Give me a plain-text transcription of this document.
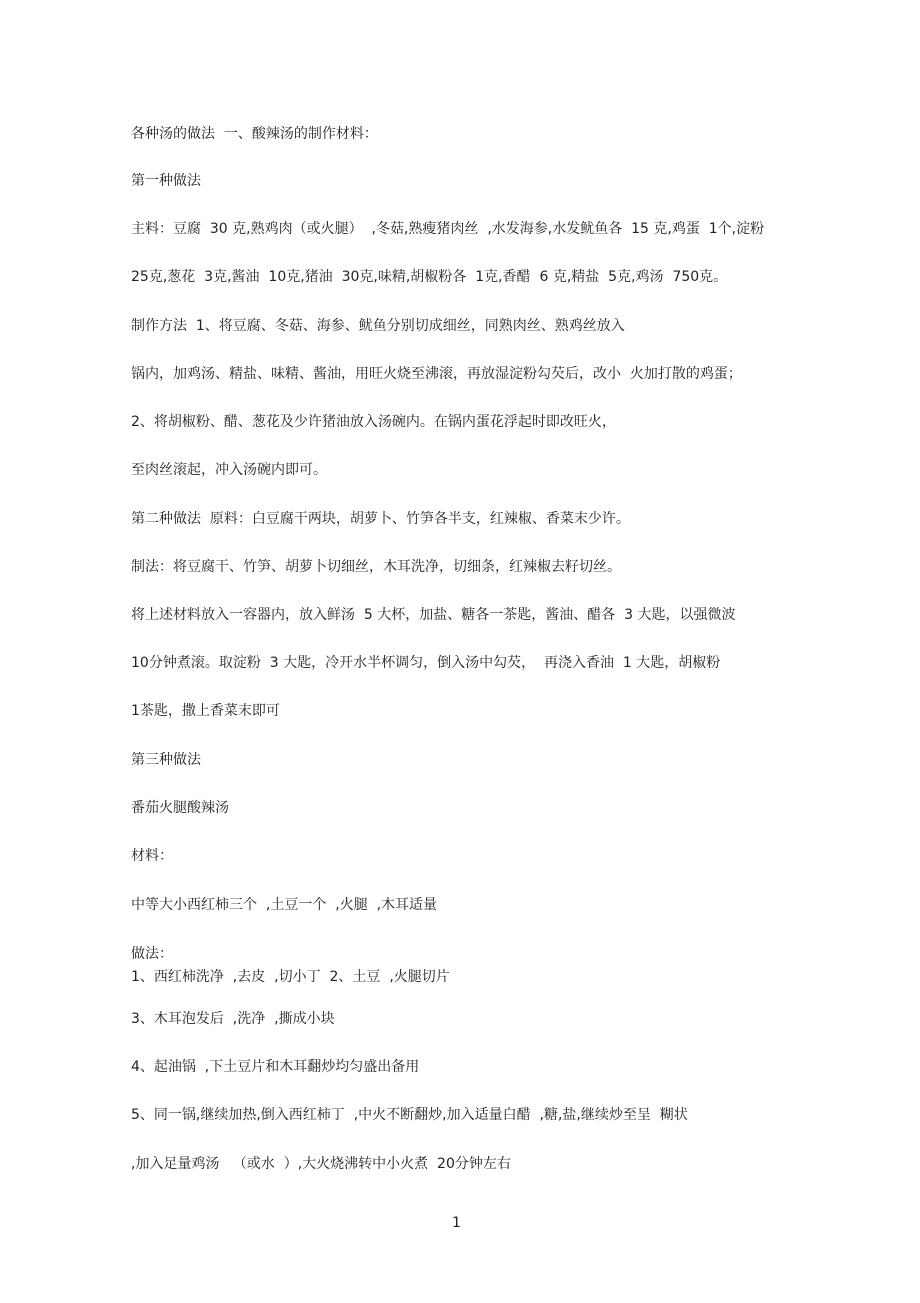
各种汤的做法  一、酸辣汤的制作材料：
第一种做法
主料：豆腐  30 克,熟鸡肉（或火腿）  ,冬菇,熟瘦猪肉丝  ,水发海参,水发鱿鱼各  15 克,鸡蛋  1个,淀粉
25克,葱花  3克,酱油  10克,猪油  30克,味精,胡椒粉各  1克,香醋  6 克,精盐  5克,鸡汤  750克。
制作方法  1、将豆腐、冬菇、海参、鱿鱼分别切成细丝，同熟肉丝、熟鸡丝放入
锅内，加鸡汤、精盐、味精、酱油，用旺火烧至沸滚，再放湿淀粉勾芡后，改小  火加打散的鸡蛋；
2、将胡椒粉、醋、葱花及少许猪油放入汤碗内。在锅内蛋花浮起时即改旺火，
至肉丝滚起，冲入汤碗内即可。
第二种做法  原料：白豆腐干两块，胡萝卜、竹笋各半支，红辣椒、香菜末少许。
制法：将豆腐干、竹笋、胡萝卜切细丝，木耳洗净，切细条，红辣椒去籽切丝。
将上述材料放入一容器内，放入鲜汤  5 大杯，加盐、糖各一茶匙，酱油、醋各  3 大匙，以强微波
10分钟煮滚。取淀粉  3 大匙，冷开水半杯调匀，倒入汤中勾芡，  再浇入香油  1 大匙，胡椒粉
1茶匙，撒上香菜末即可
第三种做法
番茄火腿酸辣汤
材料：
中等大小西红柿三个  ,土豆一个  ,火腿  ,木耳适量
做法：
1、西红柿洗净  ,去皮  ,切小丁  2、土豆  ,火腿切片
3、木耳泡发后  ,洗净  ,撕成小块
4、起油锅  ,下土豆片和木耳翻炒均匀盛出备用
5、同一锅,继续加热,倒入西红柿丁  ,中火不断翻炒,加入适量白醋  ,糖,盐,继续炒至呈  糊状
,加入足量鸡汤   （或水  ）,大火烧沸转中小火煮  20分钟左右
1
